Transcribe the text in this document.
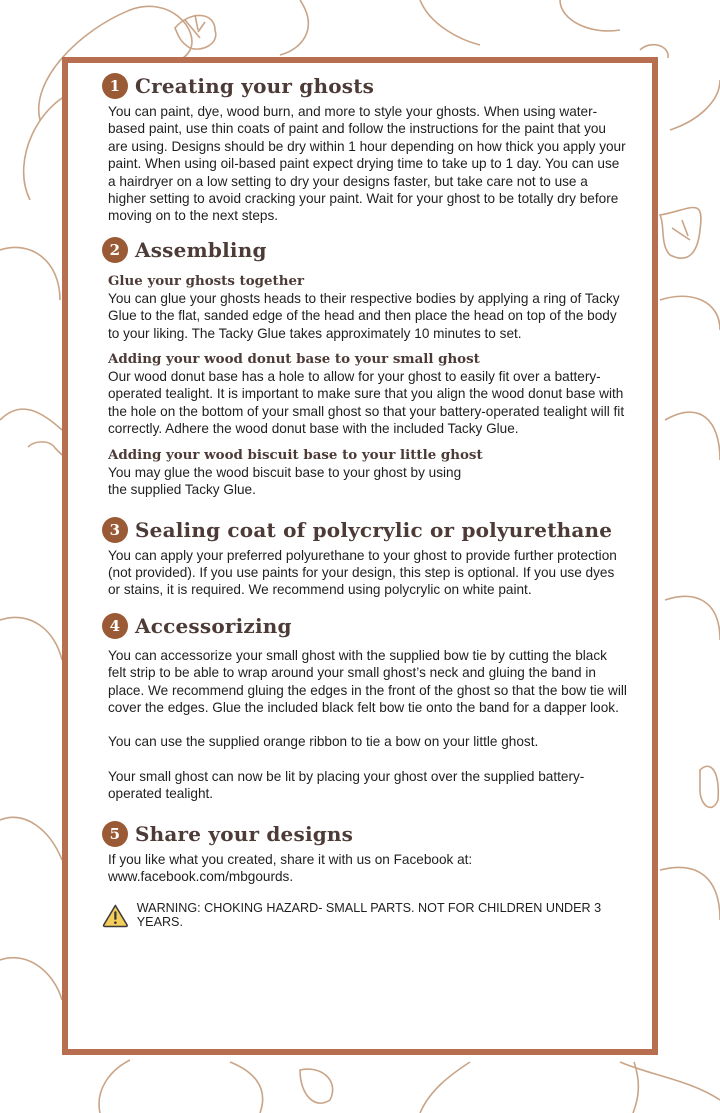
1 Creating your ghosts

You can paint, dye, wood burn, and more to style your ghosts. When using water-based paint, use thin coats of paint and follow the instructions for the paint that you are using. Designs should be dry within 1 hour depending on how thick you apply your paint. When using oil-based paint expect drying time to take up to 1 day. You can use a hairdryer on a low setting to dry your designs faster, but take care not to use a higher setting to avoid cracking your paint. Wait for your ghost to be totally dry before moving on to the next steps.

2 Assembling
Glue your ghosts together

You can glue your ghosts heads to their respective bodies by applying a ring of Tacky Glue to the flat, sanded edge of the head and then place the head on top of the body to your liking. The Tacky Glue takes approximately 10 minutes to set.

Adding your wood donut base to your small ghost

Our wood donut base has a hole to allow for your ghost to easily fit over a battery-operated tealight. It is important to make sure that you align the wood donut base with the hole on the bottom of your small ghost so that your battery-operated tealight will fit correctly. Adhere the wood donut base with the included Tacky Glue.

Adding your wood biscuit base to your little ghost

You may glue the wood biscuit base to your ghost by using the supplied Tacky Glue.

3 Sealing coat of polycrylic or polyurethane

You can apply your preferred polyurethane to your ghost to provide further protection (not provided). If you use paints for your design, this step is optional. If you use dyes or stains, it is required. We recommend using polycrylic on white paint.

4 Accessorizing

You can accessorize your small ghost with the supplied bow tie by cutting the black felt strip to be able to wrap around your small ghost’s neck and gluing the band in place. We recommend gluing the edges in the front of the ghost so that the bow tie will cover the edges. Glue the included black felt bow tie onto the band for a dapper look.

You can use the supplied orange ribbon to tie a bow on your little ghost.

Your small ghost can now be lit by placing your ghost over the supplied battery-operated tealight.

5 Share your designs

If you like what you created, share it with us on Facebook at: www.facebook.com/mbgourds.

WARNING: CHOKING HAZARD- SMALL PARTS. NOT FOR CHILDREN UNDER 3 YEARS.
